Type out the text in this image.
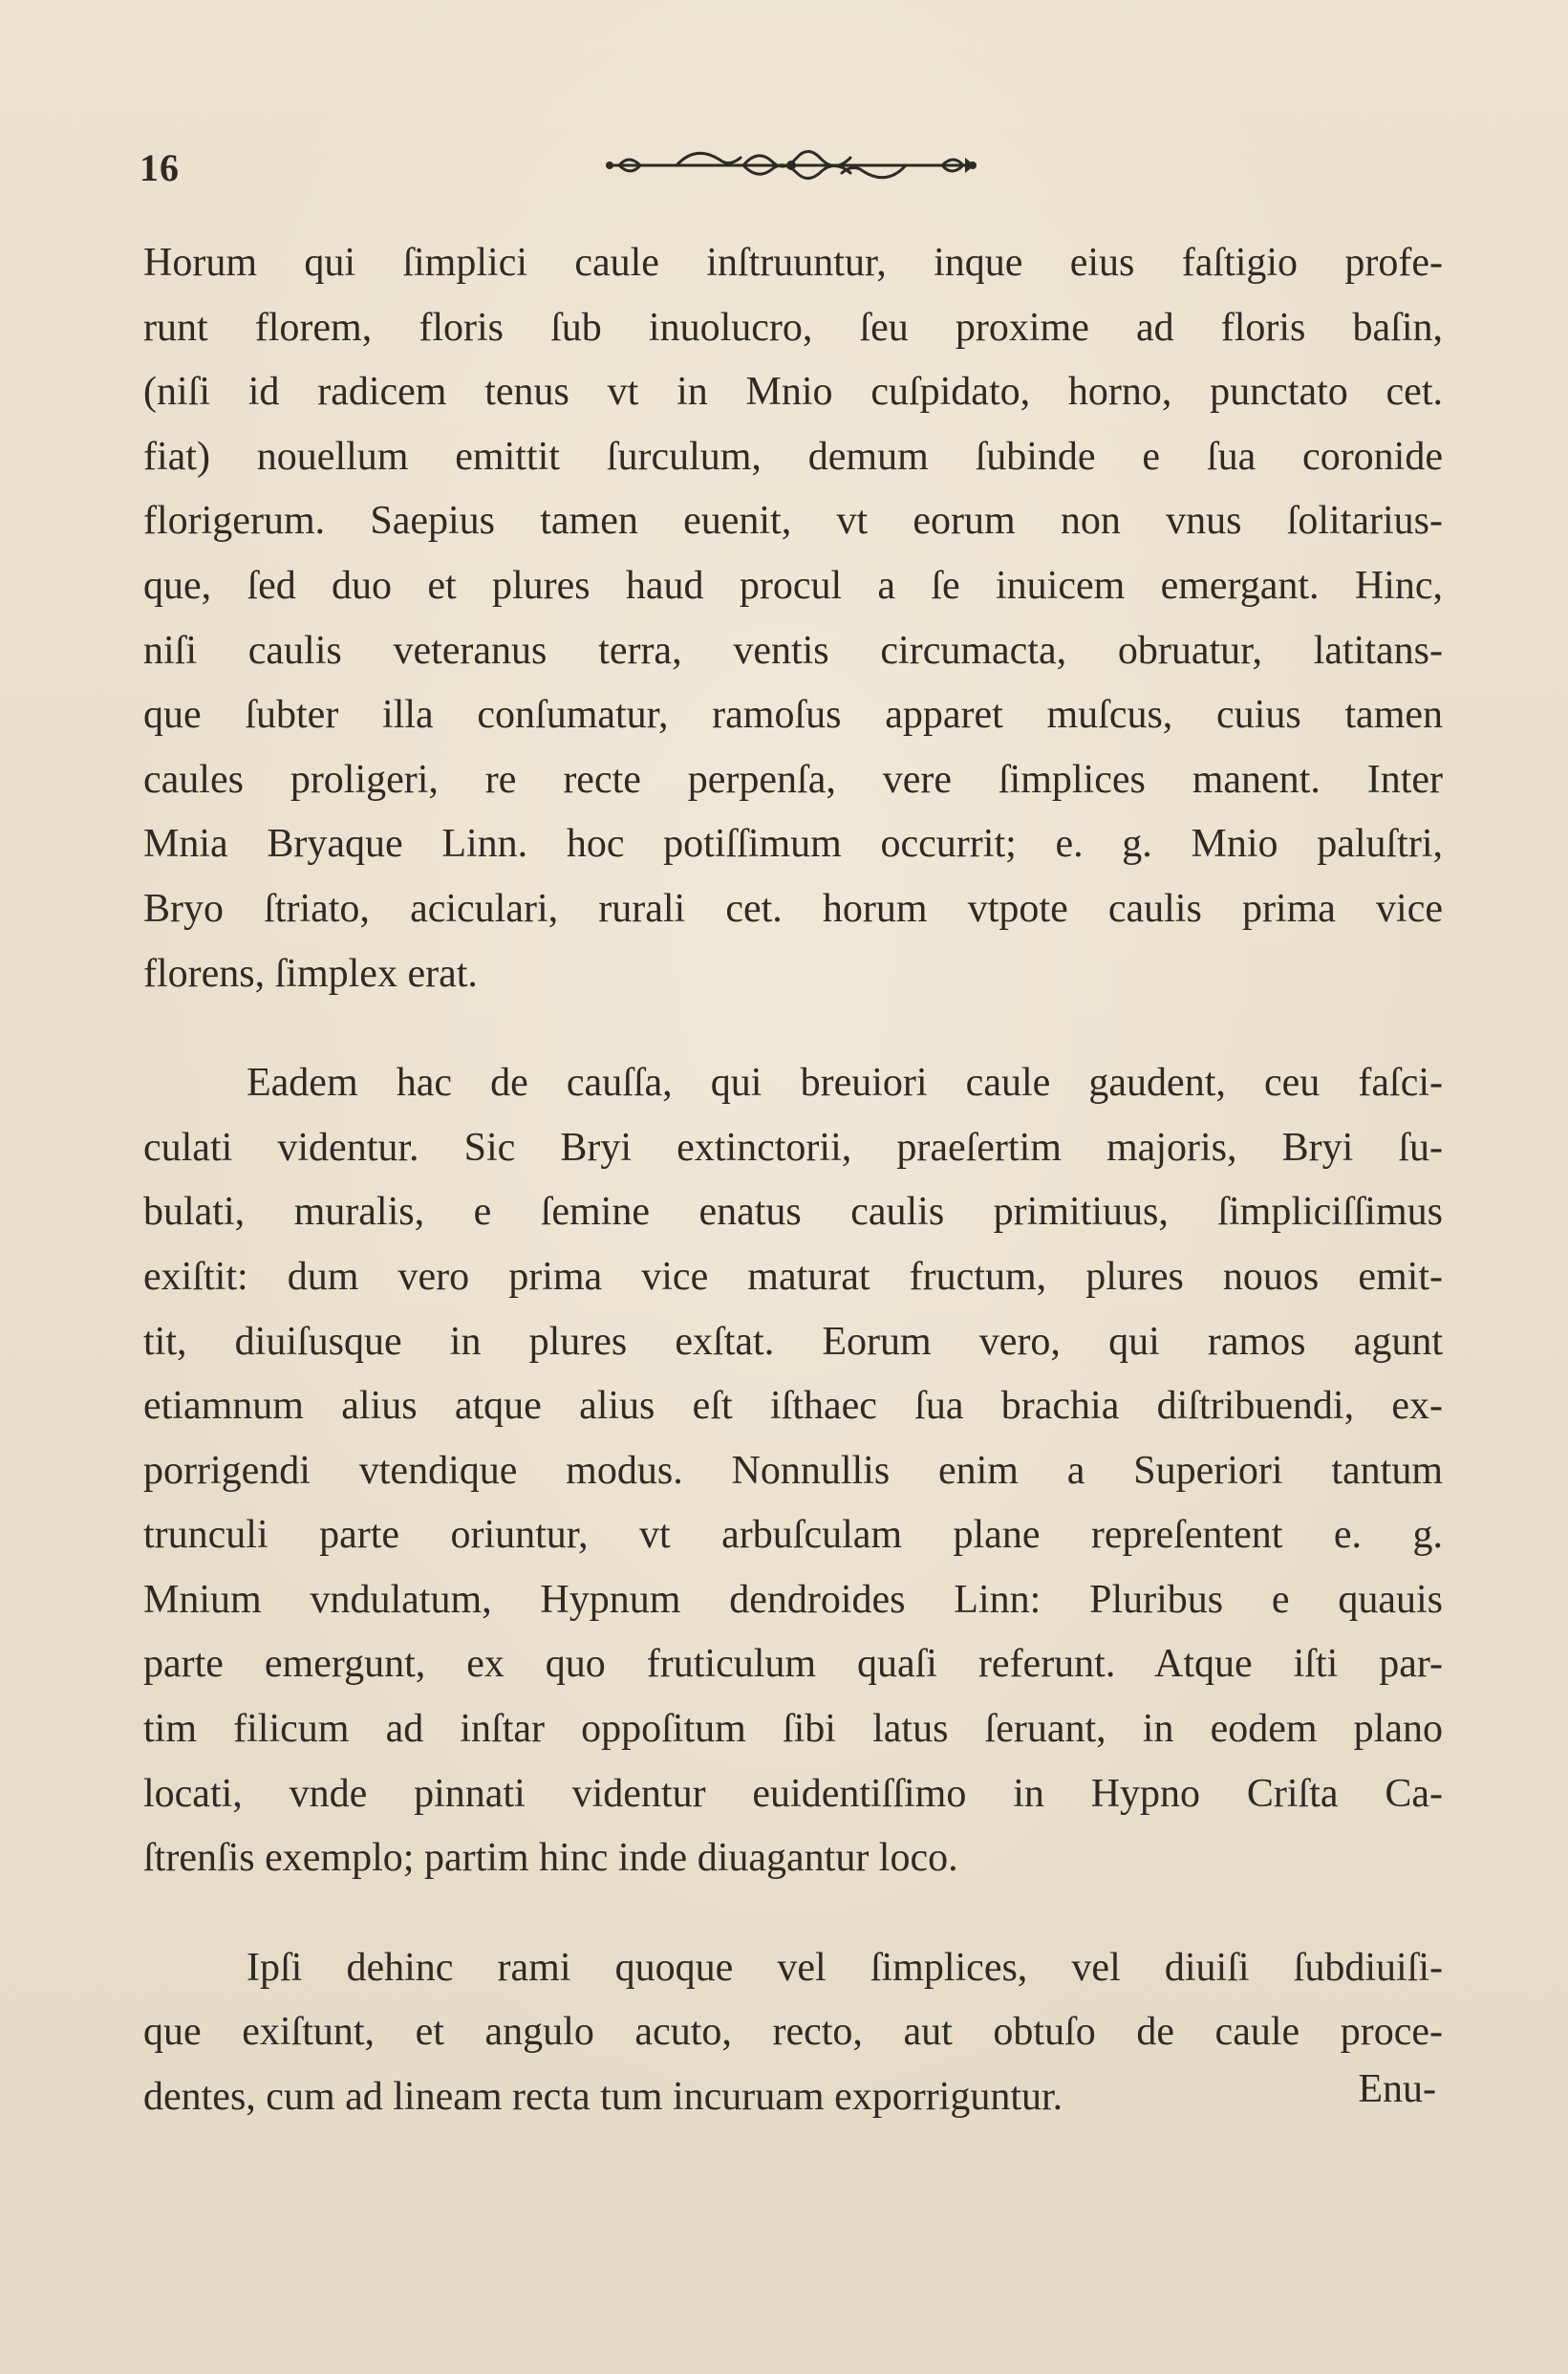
16
Horum qui ſimplici caule inſtruuntur, inque eius faſtigio profe-
runt florem, floris ſub inuolucro, ſeu proxime ad floris baſin,
(niſi id radicem tenus vt in Mnio cuſpidato, horno, punctato cet.
fiat) nouellum emittit ſurculum, demum ſubinde e ſua coronide
florigerum. Saepius tamen euenit, vt eorum non vnus ſolitarius-
que, ſed duo et plures haud procul a ſe inuicem emergant. Hinc,
niſi caulis veteranus terra, ventis circumacta, obruatur, latitans-
que ſubter illa conſumatur, ramoſus apparet muſcus, cuius tamen
caules proligeri, re recte perpenſa, vere ſimplices manent. Inter
Mnia Bryaque Linn. hoc potiſſimum occurrit; e. g. Mnio paluſtri,
Bryo ſtriato, aciculari, rurali cet. horum vtpote caulis prima vice
florens, ſimplex erat.
Eadem hac de cauſſa, qui breuiori caule gaudent, ceu faſci-
culati videntur. Sic Bryi extinctorii, praeſertim majoris, Bryi ſu-
bulati, muralis, e ſemine enatus caulis primitiuus, ſimpliciſſimus
exiſtit: dum vero prima vice maturat fructum, plures nouos emit-
tit, diuiſusque in plures exſtat. Eorum vero, qui ramos agunt
etiamnum alius atque alius eſt iſthaec ſua brachia diſtribuendi, ex-
porrigendi vtendique modus. Nonnullis enim a Superiori tantum
trunculi parte oriuntur, vt arbuſculam plane repreſentent e. g.
Mnium vndulatum, Hypnum dendroides Linn: Pluribus e quauis
parte emergunt, ex quo fruticulum quaſi referunt. Atque iſti par-
tim filicum ad inſtar oppoſitum ſibi latus ſeruant, in eodem plano
locati, vnde pinnati videntur euidentiſſimo in Hypno Criſta Ca-
ſtrenſis exemplo; partim hinc inde diuagantur loco.
Ipſi dehinc rami quoque vel ſimplices, vel diuiſi ſubdiuiſi-
que exiſtunt, et angulo acuto, recto, aut obtuſo de caule proce-
dentes, cum ad lineam recta tum incuruam exporriguntur.	Enu-
